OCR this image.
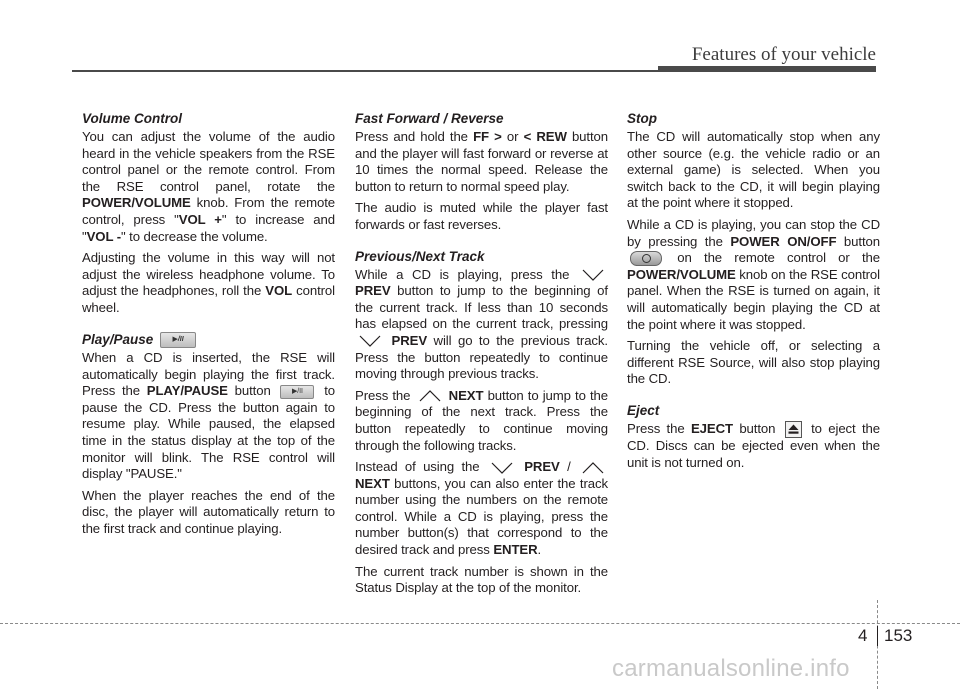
Features of your vehicle
Volume Control

You can adjust the volume of the audio heard in the vehicle speakers from the RSE control panel or the remote control. From the RSE control panel, rotate the POWER/VOLUME knob. From the remote control, press "VOL +" to increase and "VOL -" to decrease the volume.

Adjusting the volume in this way will not adjust the wireless headphone volume. To adjust the headphones, roll the VOL control wheel.

Play/Pause	▶/II

When a CD is inserted, the RSE will automatically begin playing the first track. Press the PLAY/PAUSE button ▶/II to pause the CD. Press the button again to resume play. While paused, the elapsed time in the status display at the top of the monitor will blink. The RSE control will display "PAUSE."

When the player reaches the end of the disc, the player will automatically return to the first track and continue playing.

Fast Forward / Reverse

Press and hold the FF > or < REW button and the player will fast forward or reverse at 10 times the normal speed. Release the button to return to normal speed play.

The audio is muted while the player fast forwards or fast reverses.

Previous/Next Track

While a CD is playing, press the
PREV button to jump to the beginning of the current track. If less than 10 seconds has elapsed on the current track, pressing
PREV will go to the previous track. Press the button repeatedly to continue moving through previous tracks.

Press the	NEXT button to jump to the beginning of the next track. Press the button repeatedly to continue moving through the following tracks.

Instead of using the	PREV /
NEXT buttons, you can also enter the track number using the numbers on the remote control. While a CD is playing, press the number button(s) that correspond to the desired track and press ENTER.

The current track number is shown in the Status Display at the top of the monitor.

Stop

The CD will automatically stop when any other source (e.g. the vehicle radio or an external game) is selected. When you switch back to the CD, it will begin playing at the point where it stopped.

While a CD is playing, you can stop the CD by pressing the POWER ON/OFF button  on the remote control or the POWER/VOLUME knob on the RSE control panel. When the RSE is turned on again, it will automatically begin playing the CD at the point where it was stopped.

Turning the vehicle off, or selecting a different RSE Source, will also stop playing the CD.

Eject

Press the EJECT button
to eject the CD. Discs can be ejected even when the unit is not turned on.

4 153
carmanualsonline.info
